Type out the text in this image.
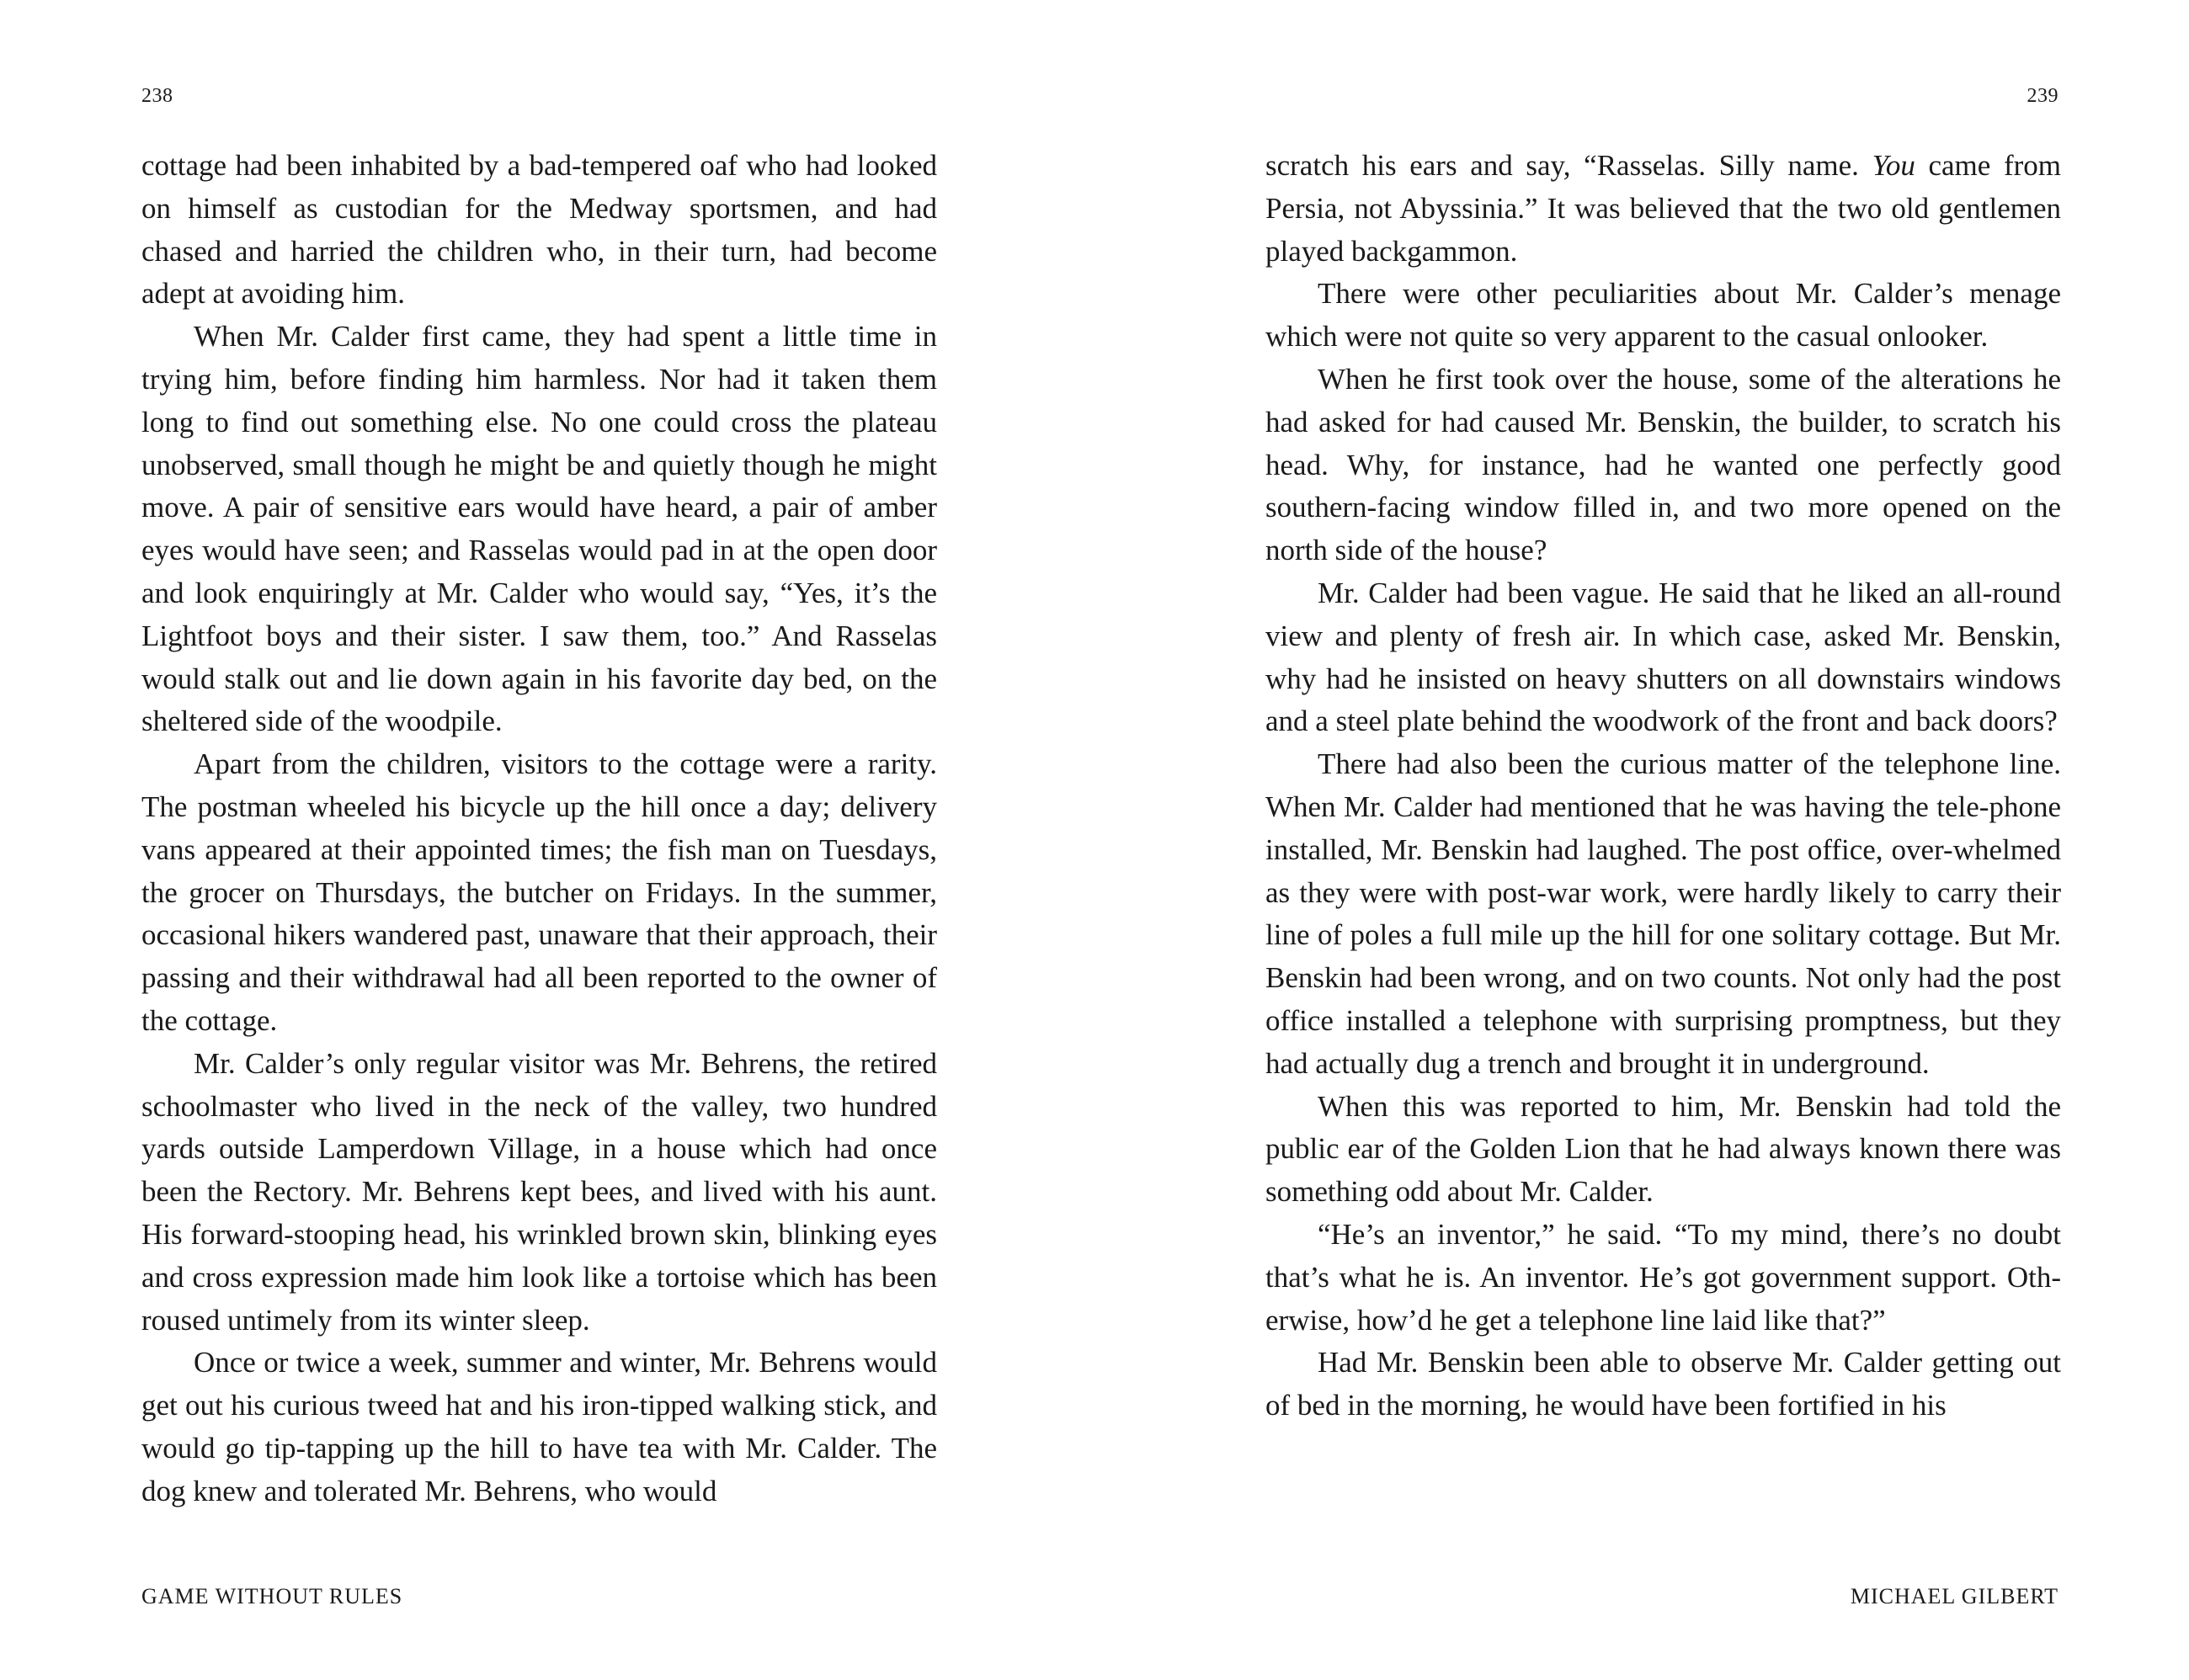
238

cottage had been inhabited by a bad-tempered oaf who had looked on himself as custodian for the Medway sportsmen, and had chased and harried the children who, in their turn, had become adept at avoiding him.

When Mr. Calder first came, they had spent a little time in trying him, before finding him harmless. Nor had it taken them long to find out something else. No one could cross the plateau unobserved, small though he might be and quietly though he might move. A pair of sensitive ears would have heard, a pair of amber eyes would have seen; and Rasselas would pad in at the open door and look enquiringly at Mr. Calder who would say, “Yes, it’s the Lightfoot boys and their sister. I saw them, too.” And Rasselas would stalk out and lie down again in his favorite day bed, on the sheltered side of the woodpile.

Apart from the children, visitors to the cottage were a rarity. The postman wheeled his bicycle up the hill once a day; delivery vans appeared at their appointed times; the fish man on Tuesdays, the grocer on Thursdays, the butcher on Fridays. In the summer, occasional hikers wandered past, unaware that their approach, their passing and their withdrawal had all been reported to the owner of the cottage.

Mr. Calder’s only regular visitor was Mr. Behrens, the retired schoolmaster who lived in the neck of the valley, two hundred yards outside Lamperdown Village, in a house which had once been the Rectory. Mr. Behrens kept bees, and lived with his aunt. His forward-stooping head, his wrinkled brown skin, blinking eyes and cross expression made him look like a tortoise which has been roused untimely from its winter sleep.

Once or twice a week, summer and winter, Mr. Behrens would get out his curious tweed hat and his iron-tipped walking stick, and would go tip-tapping up the hill to have tea with Mr. Calder. The dog knew and tolerated Mr. Behrens, who would

GAME WITHOUT RULES
239

scratch his ears and say, “Rasselas. Silly name. You came from Persia, not Abyssinia.” It was believed that the two old gentlemen played backgammon.

There were other peculiarities about Mr. Calder’s menage which were not quite so very apparent to the casual onlooker.

When he first took over the house, some of the alterations he had asked for had caused Mr. Benskin, the builder, to scratch his head. Why, for instance, had he wanted one perfectly good southern-facing window filled in, and two more opened on the north side of the house?

Mr. Calder had been vague. He said that he liked an all-round view and plenty of fresh air. In which case, asked Mr. Benskin, why had he insisted on heavy shutters on all downstairs windows and a steel plate behind the woodwork of the front and back doors?

There had also been the curious matter of the telephone line. When Mr. Calder had mentioned that he was having the tele-phone installed, Mr. Benskin had laughed. The post office, over-whelmed as they were with post-war work, were hardly likely to carry their line of poles a full mile up the hill for one solitary cottage. But Mr. Benskin had been wrong, and on two counts. Not only had the post office installed a telephone with surprising promptness, but they had actually dug a trench and brought it in underground.

When this was reported to him, Mr. Benskin had told the public ear of the Golden Lion that he had always known there was something odd about Mr. Calder.

“He’s an inventor,” he said. “To my mind, there’s no doubt that’s what he is. An inventor. He’s got government support. Oth-erwise, how’d he get a telephone line laid like that?”

Had Mr. Benskin been able to observe Mr. Calder getting out of bed in the morning, he would have been fortified in his

MICHAEL GILBERT
